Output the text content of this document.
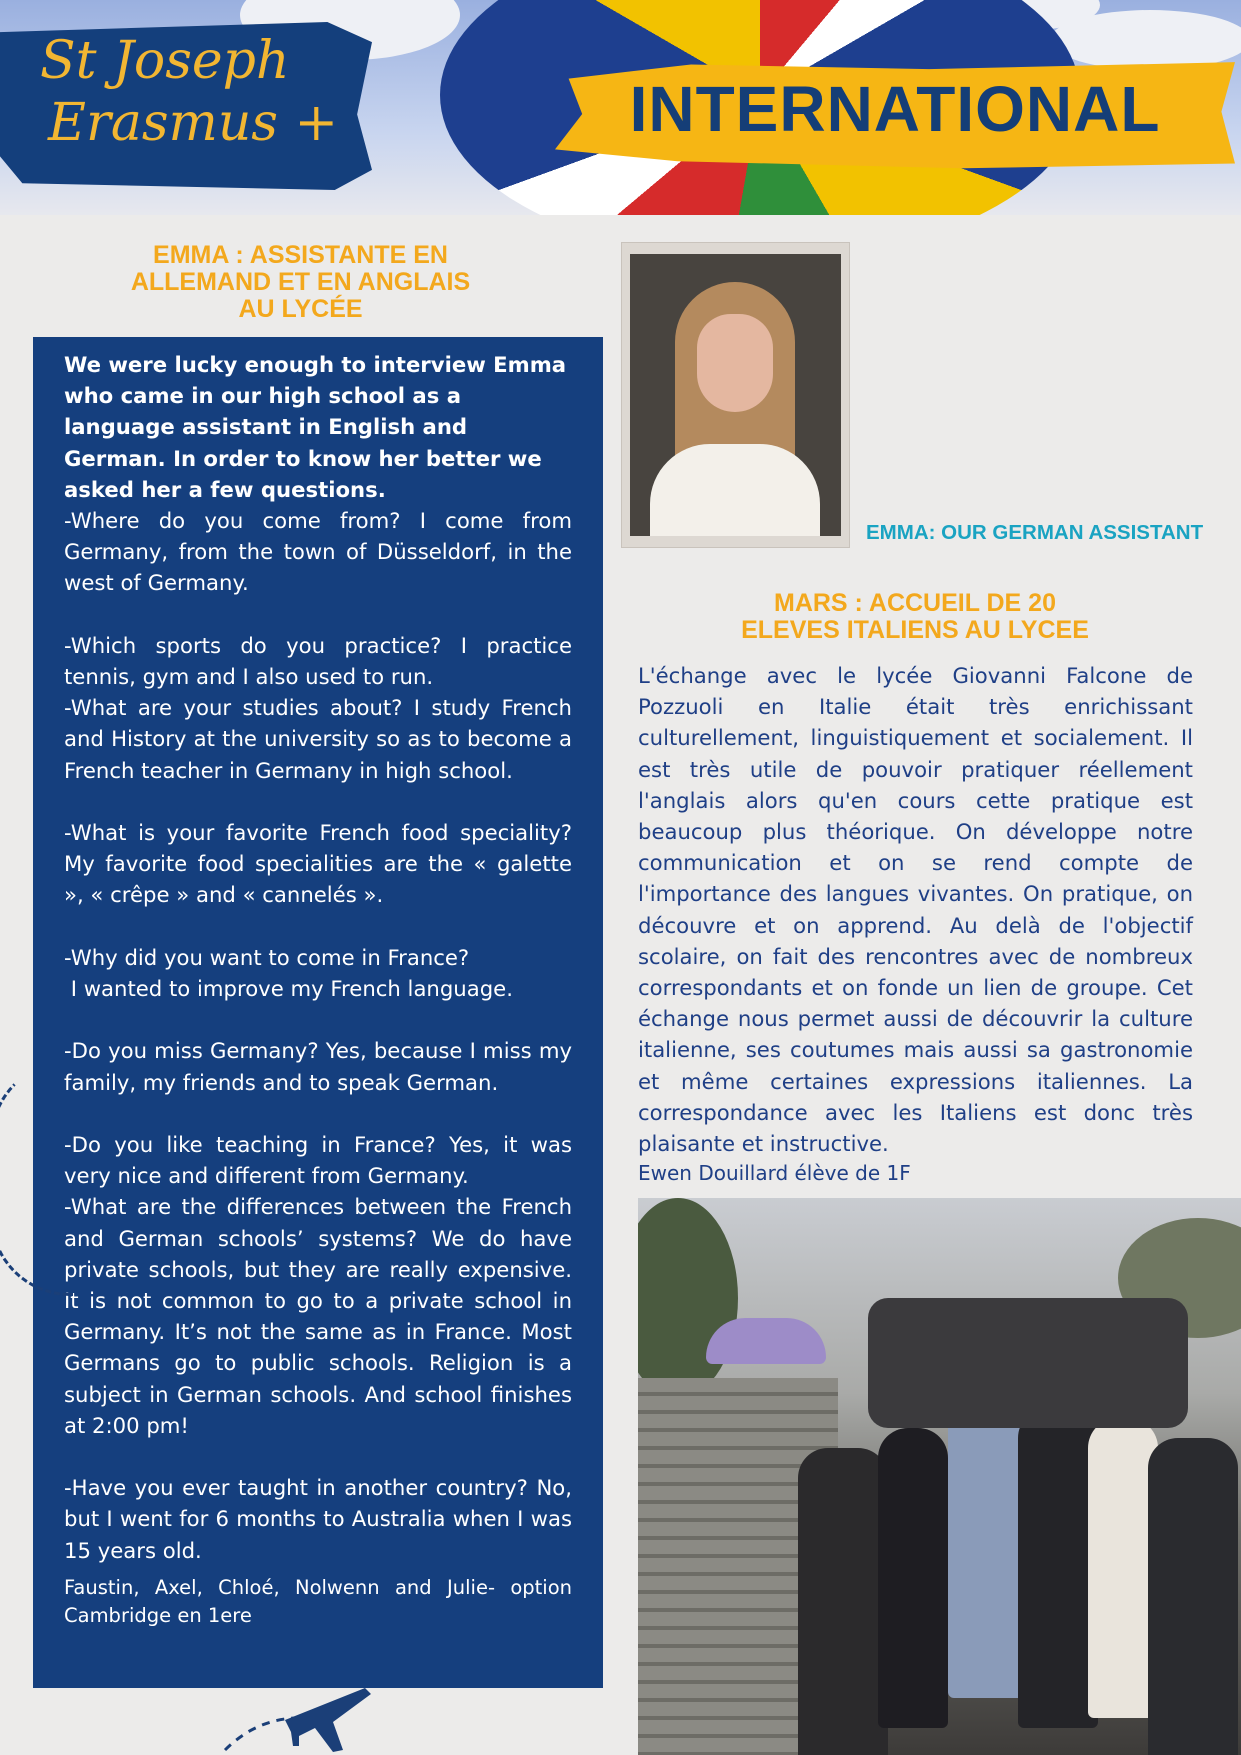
St Joseph
Erasmus +	INTERNATIONAL
EMMA : ASSISTANTE EN
ALLEMAND ET EN ANGLAIS
AU LYCÉE

We were lucky enough to interview Emma who came in our high school as a language assistant in English and German. In order to know her better we asked her a few questions.

-Where do you come from? I come from Germany, from the town of Düsseldorf, in the west of Germany.

-Which sports do you practice? I practice tennis, gym and I also used to run.

-What are your studies about? I study French and History at the university so as to become a French teacher in Germany in high school.

-What is your favorite French food speciality? My favorite food specialities are the « galette », « crêpe » and « cannelés ».

-Why did you want to come in France?

I wanted to improve my French language.

-Do you miss Germany? Yes, because I miss my family, my friends and to speak German.

-Do you like teaching in France? Yes, it was very nice and different from Germany.

-What are the differences between the French and German schools’ systems? We do have private schools, but they are really expensive. It is not common to go to a private school in Germany. It’s not the same as in France. Most Germans go to public schools. Religion is a subject in German schools. And school finishes at 2:00 pm!

-Have you ever taught in another country? No, but I went for 6 months to Australia when I was 15 years old.

Faustin, Axel, Chloé, Nolwenn and Julie- option Cambridge en 1ere

EMMA: OUR GERMAN ASSISTANT
MARS : ACCUEIL DE 20
ELEVES ITALIENS AU LYCEE

L'échange avec le lycée Giovanni Falcone de Pozzuoli en Italie était très enrichissant culturellement, linguistiquement et socialement. Il est très utile de pouvoir pratiquer réellement l'anglais alors qu'en cours cette pratique est beaucoup plus théorique. On développe notre communication et on se rend compte de l'importance des langues vivantes. On pratique, on découvre et on apprend. Au delà de l'objectif scolaire, on fait des rencontres avec de nombreux correspondants et on fonde un lien de groupe. Cet échange nous permet aussi de découvrir la culture italienne, ses coutumes mais aussi sa gastronomie et même certaines expressions italiennes. La correspondance avec les Italiens est donc très plaisante et instructive.

Ewen Douillard élève de 1F
